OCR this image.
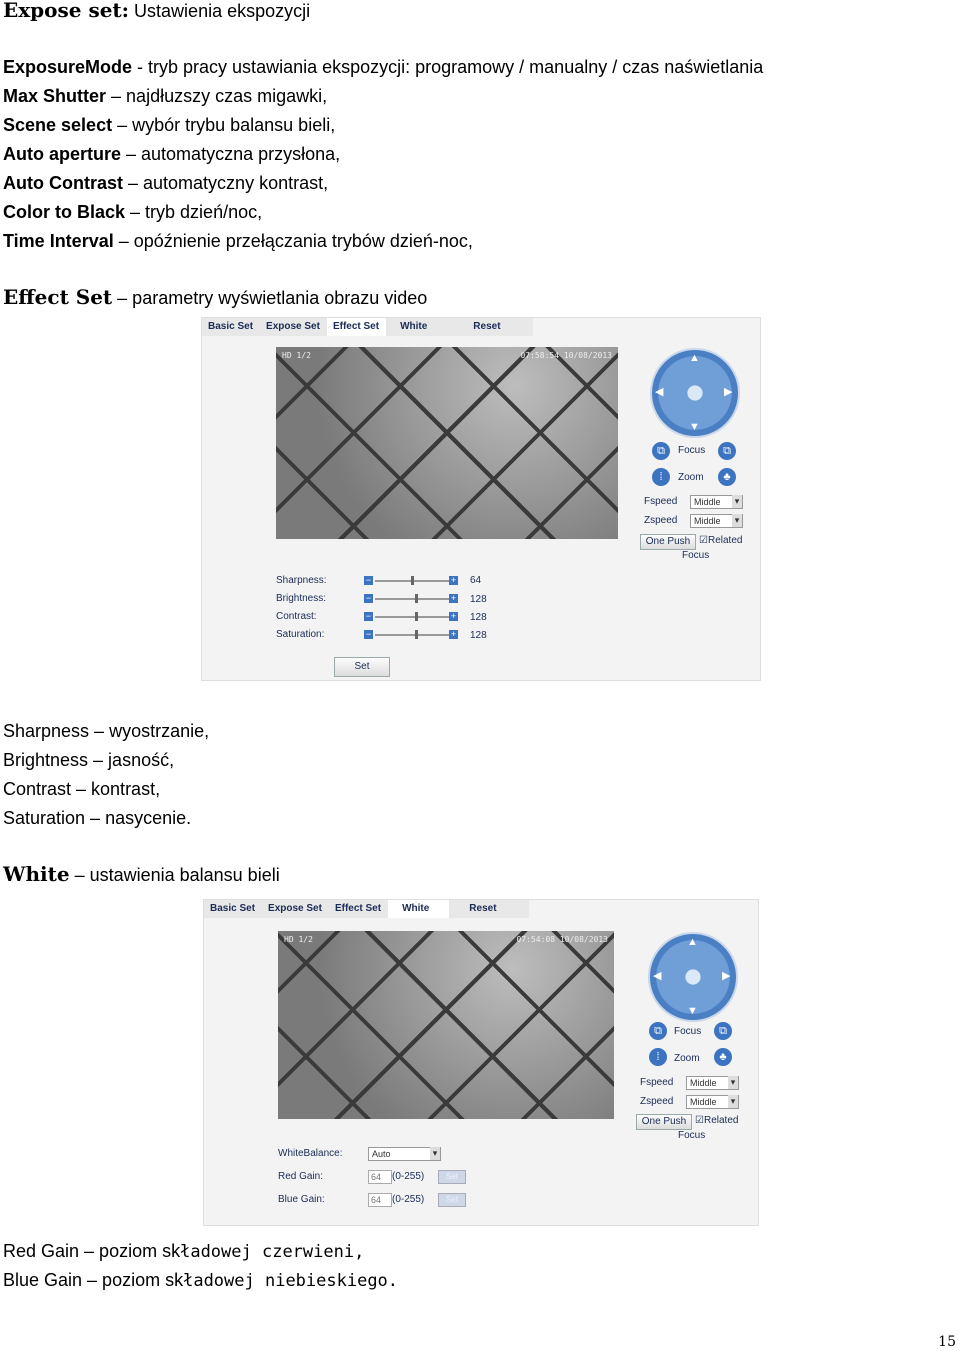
Expose set: Ustawienia ekspozycji
ExposureMode - tryb pracy ustawiania ekspozycji: programowy / manualny / czas naświetlania
Max Shutter – najdłuzszy czas migawki,
Scene select – wybór trybu balansu bieli,
Auto aperture – automatyczna przysłona,
Auto Contrast – automatyczny kontrast,
Color to Black – tryb dzień/noc,
Time Interval – opóźnienie przełączania trybów dzień-noc,
Effect Set – parametry wyświetlania obrazu video
Basic Set	Expose Set	Effect Set	White	Reset
HD 1/2	07:58:54 10/08/2013	▲
▼
◀	▶
⧉	Focus	⧉
⁞	Zoom	♣
Fspeed	Middle ▾
Zspeed	Middle ▾
One Push ☑Related
Focus
Sharpness:	−	+ 64
Brightness:	−	+ 128
Contrast:	−	+ 128
Saturation:	−	+ 128
Set
Sharpness – wyostrzanie,
Brightness – jasność,
Contrast – kontrast,
Saturation – nasycenie.
White – ustawienia balansu bieli
Basic Set	Expose Set	Effect Set	White	Reset
HD 1/2	07:54:08 10/08/2013	▲
▼
◀	▶
⧉	Focus	⧉
⁞	Zoom	♣
Fspeed	Middle ▾
Zspeed	Middle ▾
One Push ☑Related
Focus
WhiteBalance:	Auto ▾
Red Gain:	64	(0-255)	Set
Blue Gain:	64	(0-255)	Set
Red Gain – poziom składowej czerwieni,
Blue Gain – poziom składowej niebieskiego.
15
